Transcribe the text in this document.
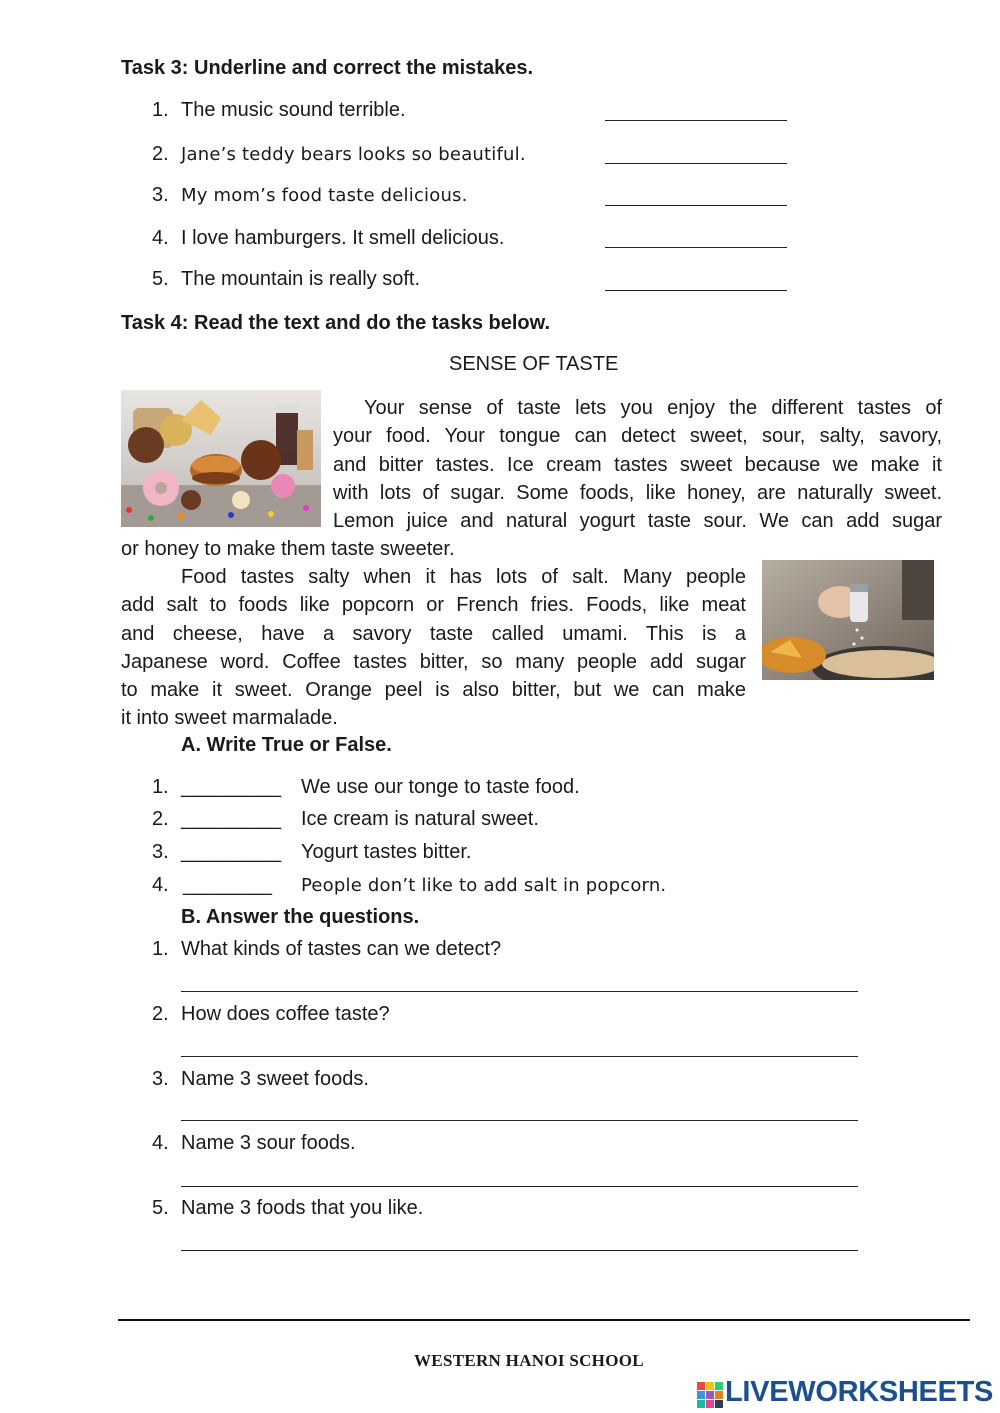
Task 3: Underline and correct the mistakes.
1. The music sound terrible.
2. Jane’s teddy bears looks so beautiful.
3. My mom’s food taste delicious.
4. I love hamburgers. It smell delicious.
5. The mountain is really soft.
Task 4: Read the text and do the tasks below.
SENSE OF TASTE
Your sense of taste lets you enjoy the different tastes of
your food. Your tongue can detect sweet, sour, salty, savory,
and bitter tastes. Ice cream tastes sweet because we make it
with lots of sugar. Some foods, like honey, are naturally sweet.
Lemon juice and natural yogurt taste sour. We can add sugar
or honey to make them taste sweeter.
Food tastes salty when it has lots of salt. Many people
add salt to foods like popcorn or French fries. Foods, like meat
and cheese, have a savory taste called umami. This is a
Japanese word. Coffee tastes bitter, so many people add sugar
to make it sweet. Orange peel is also bitter, but we can make
it into sweet marmalade.
A. Write True or False.
1. _________ We use our tonge to taste food.
2. _________ Ice cream is natural sweet.
3. _________ Yogurt tastes bitter.
4. ________ People don’t like to add salt in popcorn.
B. Answer the questions.
1. What kinds of tastes can we detect?
2. How does coffee taste?
3. Name 3 sweet foods.
4. Name 3 sour foods.
5. Name 3 foods that you like.
WESTERN HANOI SCHOOL
LIVEWORKSHEETS
